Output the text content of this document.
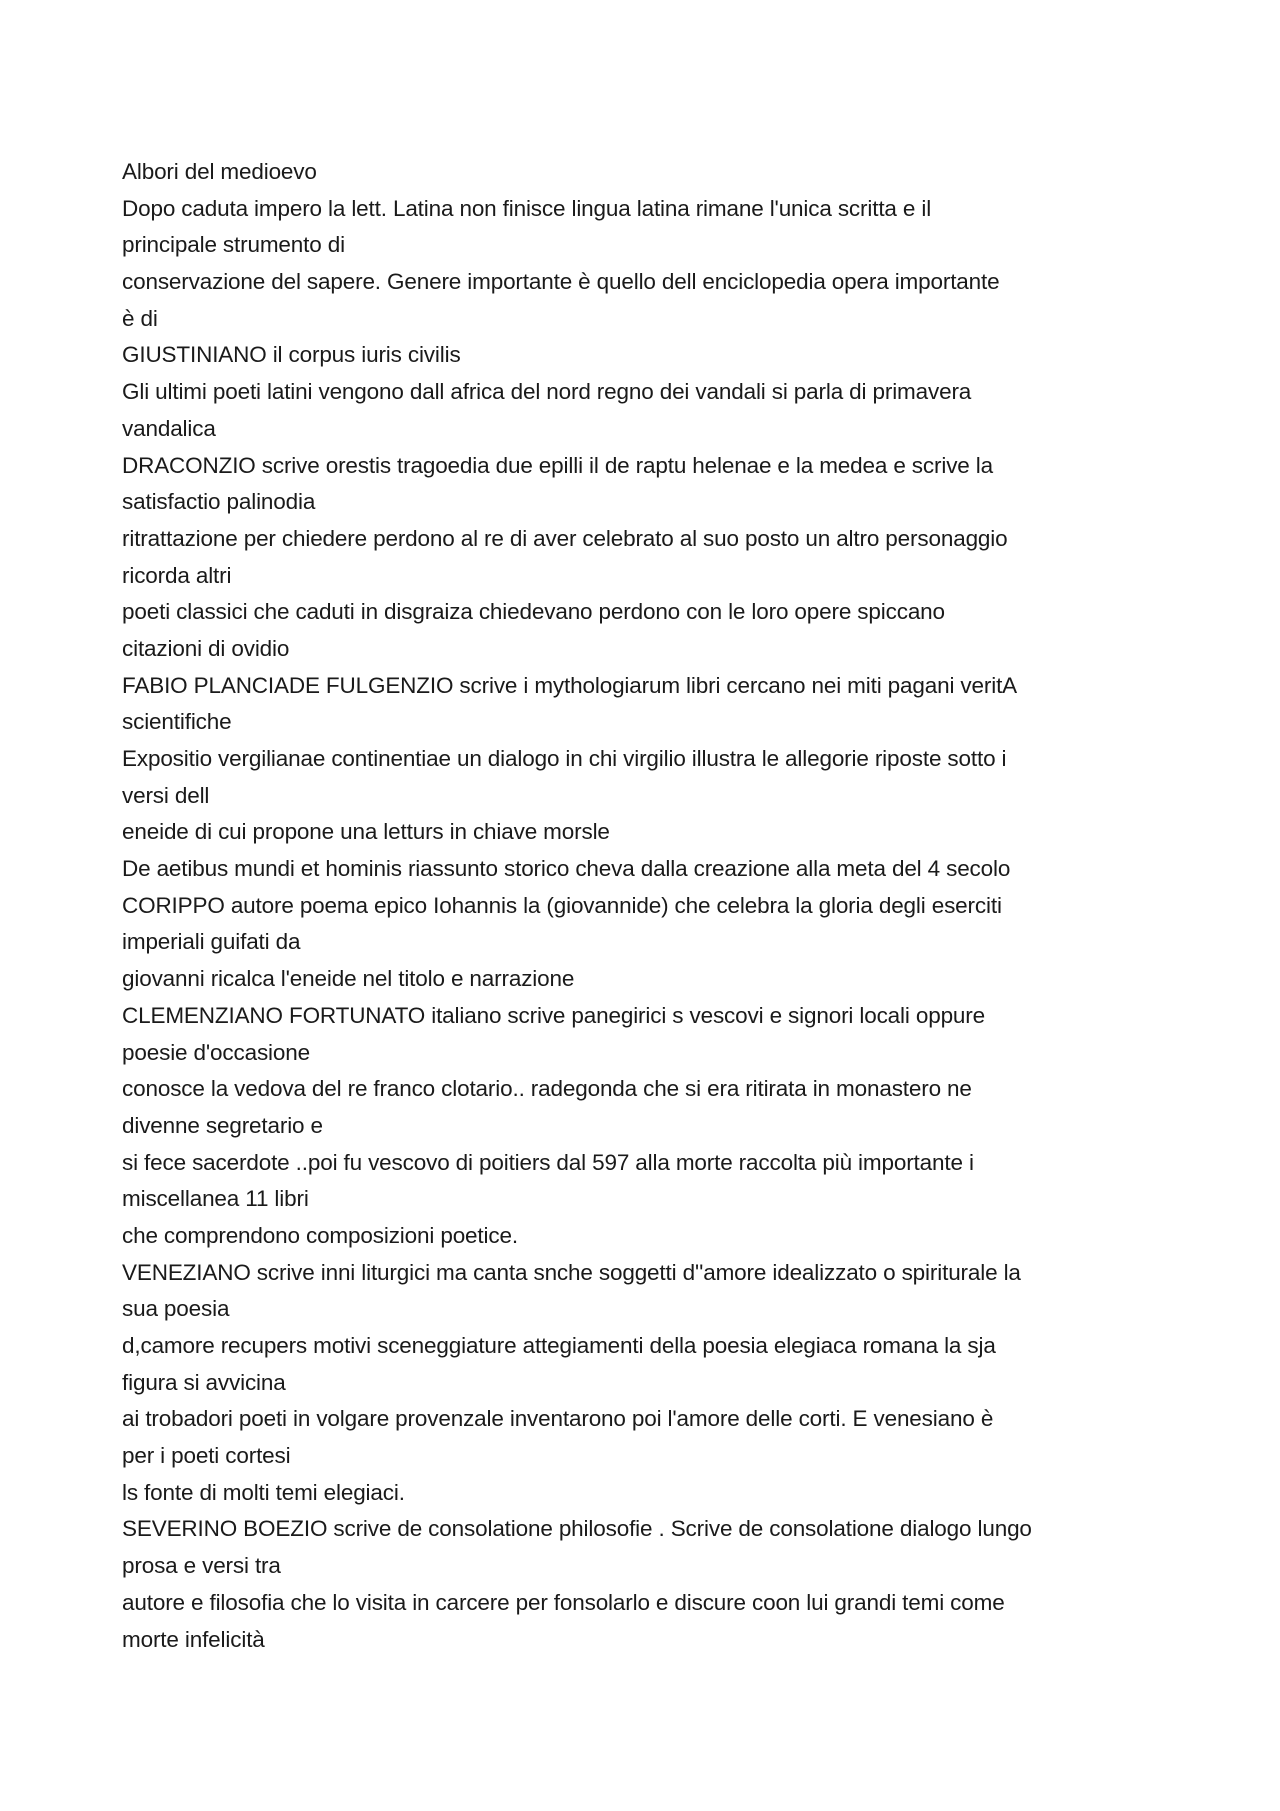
Albori del medioevo
Dopo caduta impero la lett. Latina non finisce lingua latina rimane l'unica scritta e il
principale strumento di
conservazione del sapere. Genere importante è quello dell enciclopedia opera importante
è di
GIUSTINIANO il corpus iuris civilis
Gli ultimi poeti latini vengono dall africa del nord regno dei vandali si parla di primavera
vandalica
DRACONZIO scrive orestis tragoedia due epilli il de raptu helenae e la medea e scrive la
satisfactio palinodia
ritrattazione per chiedere perdono al re di aver celebrato al suo posto un altro personaggio
ricorda altri
poeti classici che caduti in disgraiza chiedevano perdono con le loro opere spiccano
citazioni di ovidio
FABIO PLANCIADE FULGENZIO scrive i mythologiarum libri cercano nei miti pagani veritA
scientifiche
Expositio vergilianae continentiae un dialogo in chi virgilio illustra le allegorie riposte sotto i
versi dell
eneide di cui propone una letturs in chiave morsle
De aetibus mundi et hominis riassunto storico cheva dalla creazione alla meta del 4 secolo
CORIPPO autore poema epico Iohannis la (giovannide) che celebra la gloria degli eserciti
imperiali guifati da
giovanni ricalca l'eneide nel titolo e narrazione
CLEMENZIANO FORTUNATO italiano scrive panegirici s vescovi e signori locali oppure
poesie d'occasione
conosce la vedova del re franco clotario.. radegonda che si era ritirata in monastero ne
divenne segretario e
si fece sacerdote ..poi fu vescovo di poitiers dal 597 alla morte raccolta più importante i
miscellanea 11 libri
che comprendono composizioni poetice.
VENEZIANO scrive inni liturgici ma canta snche soggetti d''amore idealizzato o spiriturale la
sua poesia
d,camore recupers motivi sceneggiature attegiamenti della poesia elegiaca romana la sja
figura si avvicina
ai trobadori poeti in volgare provenzale inventarono poi l'amore delle corti. E venesiano è
per i poeti cortesi
ls fonte di molti temi elegiaci.
SEVERINO BOEZIO scrive de consolatione philosofie . Scrive de consolatione dialogo lungo
prosa e versi tra
autore e filosofia che lo visita in carcere per fonsolarlo e discure coon lui grandi temi come
morte infelicità
